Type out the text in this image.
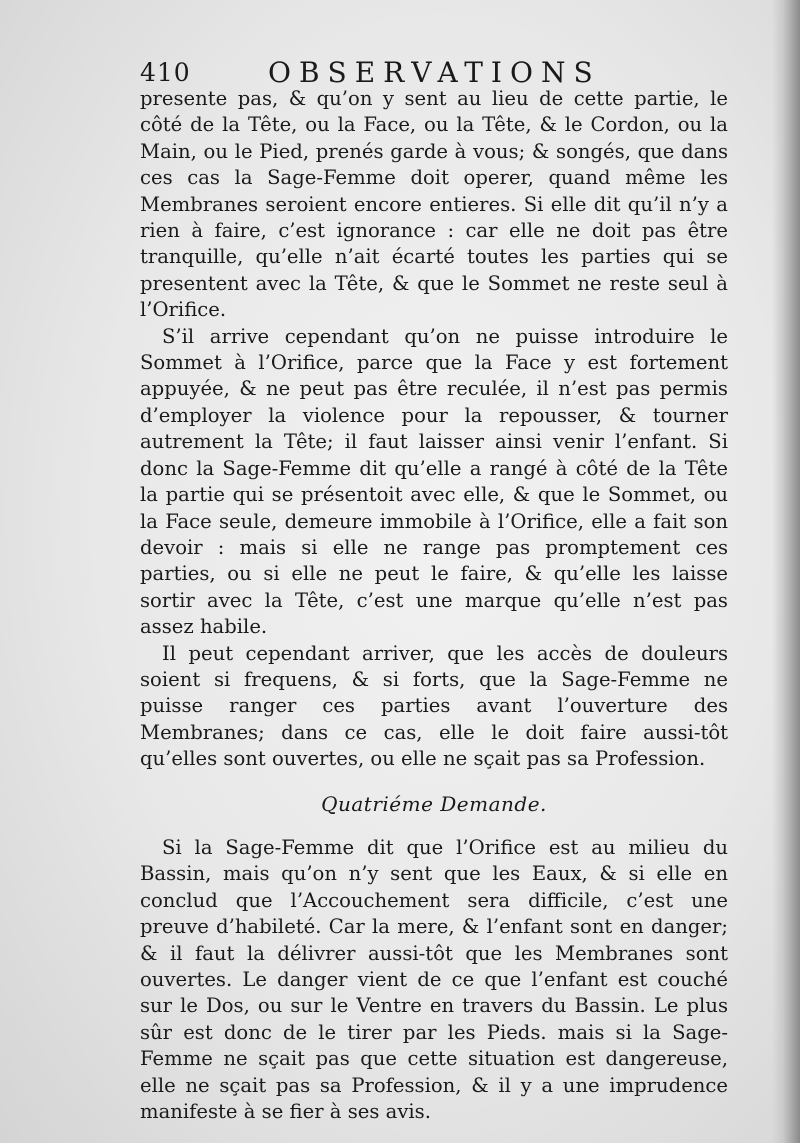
410	OBSERVATIONS

presente pas, & qu’on y sent au lieu de cette partie, le côté de la Tête, ou la Face, ou la Tête, & le Cordon, ou la Main, ou le Pied, prenés garde à vous; & songés, que dans ces cas la Sage-Femme doit operer, quand même les Membranes seroient encore entieres. Si elle dit qu’il n’y a rien à faire, c’est ignorance : car elle ne doit pas être tranquille, qu’elle n’ait écarté toutes les parties qui se presentent avec la Tête, & que le Sommet ne reste seul à l’Orifice.

S’il arrive cependant qu’on ne puisse introduire le Sommet à l’Orifice, parce que la Face y est fortement appuyée, & ne peut pas être reculée, il n’est pas permis d’employer la violence pour la repousser, & tourner autrement la Tête; il faut laisser ainsi venir l’enfant. Si donc la Sage-Femme dit qu’elle a rangé à côté de la Tête la partie qui se présentoit avec elle, & que le Sommet, ou la Face seule, demeure immobile à l’Orifice, elle a fait son devoir : mais si elle ne range pas promptement ces parties, ou si elle ne peut le faire, & qu’elle les laisse sortir avec la Tête, c’est une marque qu’elle n’est pas assez habile.

Il peut cependant arriver, que les accès de douleurs soient si frequens, & si forts, que la Sage-Femme ne puisse ranger ces parties avant l’ouverture des Membranes; dans ce cas, elle le doit faire aussi-tôt qu’elles sont ouvertes, ou elle ne sçait pas sa Profession.

Quatriéme Demande.

Si la Sage-Femme dit que l’Orifice est au milieu du Bassin, mais qu’on n’y sent que les Eaux, & si elle en conclud que l’Accouchement sera difficile, c’est une preuve d’habileté. Car la mere, & l’enfant sont en danger; & il faut la délivrer aussi-tôt que les Membranes sont ouvertes. Le danger vient de ce que l’enfant est couché sur le Dos, ou sur le Ventre en travers du Bassin. Le plus sûr est donc de le tirer par les Pieds. mais si la Sage-Femme ne sçait pas que cette situation est dangereuse, elle ne sçait pas sa Profession, & il y a une imprudence manifeste à se fier à ses avis.
